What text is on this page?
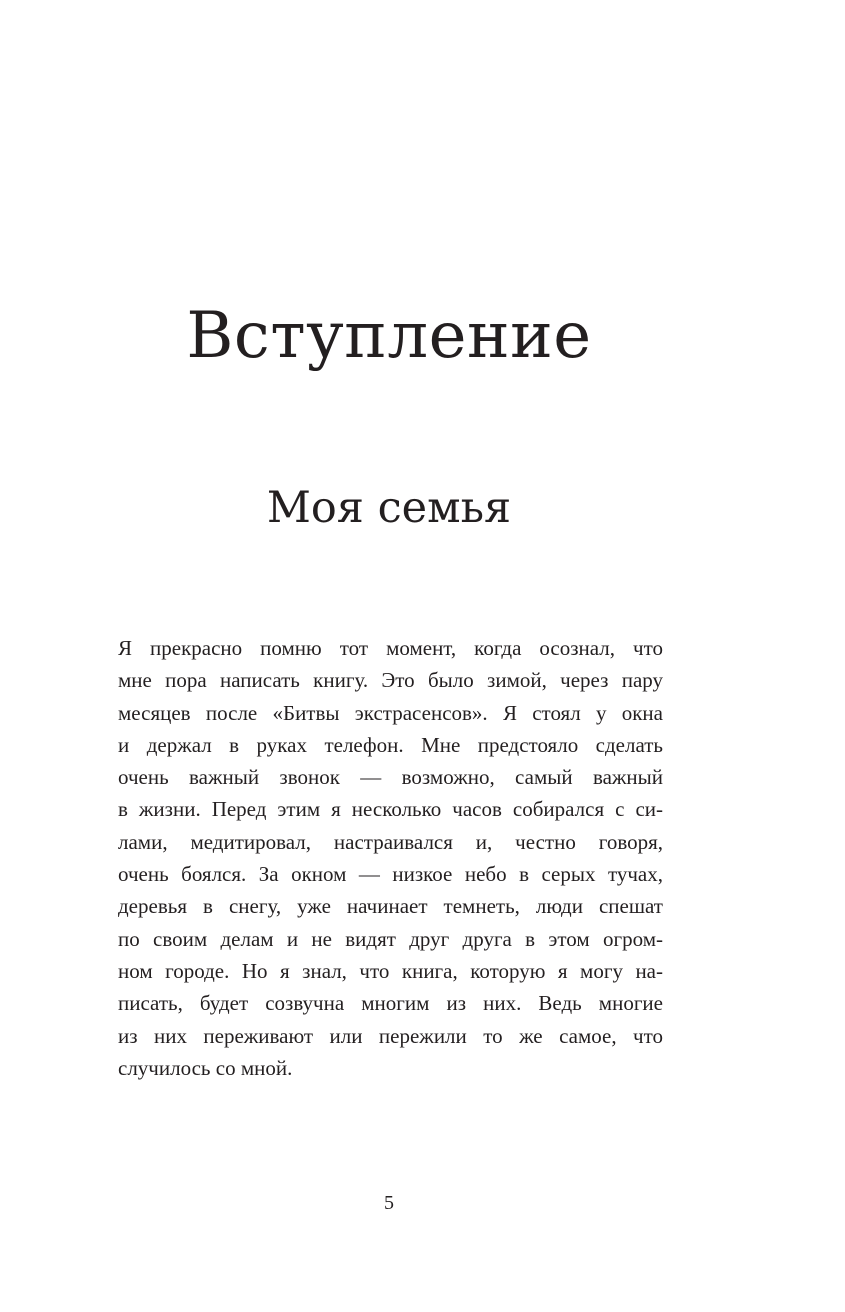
Вступление
Моя семья

Я прекрасно помню тот момент, когда осознал, что
мне пора написать книгу. Это было зимой, через пару
месяцев после «Битвы экстрасенсов». Я стоял у окна
и держал в руках телефон. Мне предстояло сделать
очень важный звонок — возможно, самый важный
в жизни. Перед этим я несколько часов собирался с си-
лами, медитировал, настраивался и, честно говоря,
очень боялся. За окном — низкое небо в серых тучах,
деревья в снегу, уже начинает темнеть, люди спешат
по своим делам и не видят друг друга в этом огром-
ном городе. Но я знал, что книга, которую я могу на-
писать, будет созвучна многим из них. Ведь многие
из них переживают или пережили то же самое, что
случилось со мной.

5
